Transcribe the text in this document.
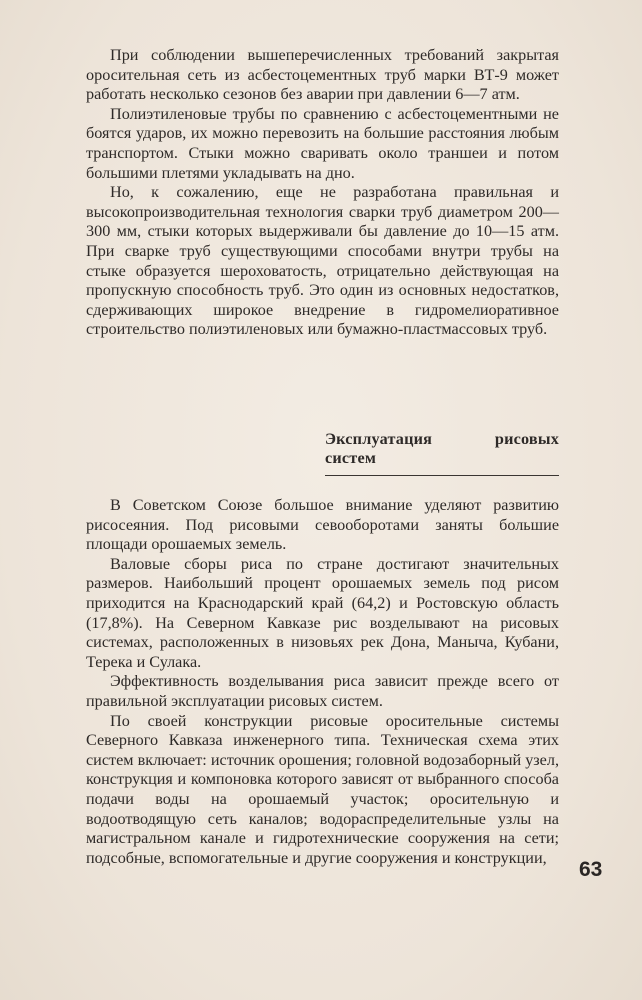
При соблюдении вышеперечисленных требований закрытая оросительная сеть из асбестоцементных труб марки ВТ-9 может работать несколько сезонов без аварии при давлении 6—7 атм.

Полиэтиленовые трубы по сравнению с асбестоцементными не боятся ударов, их можно перевозить на большие расстояния любым транспортом. Стыки можно сваривать около траншеи и потом большими плетями укладывать на дно.

Но, к сожалению, еще не разработана правильная и высокопроизводительная технология сварки труб диаметром 200—300 мм, стыки которых выдерживали бы давление до 10—15 атм. При сварке труб существующими способами внутри трубы на стыке образуется шероховатость, отрицательно действующая на пропускную способность труб. Это один из основных недостатков, сдерживающих широкое внедрение в гидромелиоративное строительство полиэтиленовых или бумажно-пластмассовых труб.

Эксплуатация	рисовых
систем

В Советском Союзе большое внимание уделяют развитию рисосеяния. Под рисовыми севооборотами заняты большие площади орошаемых земель.

Валовые сборы риса по стране достигают значительных размеров. Наибольший процент орошаемых земель под рисом приходится на Краснодарский край (64,2) и Ростовскую область (17,8%). На Северном Кавказе рис возделывают на рисовых системах, расположенных в низовьях рек Дона, Маныча, Кубани, Терека и Сулака.

Эффективность возделывания риса зависит прежде всего от правильной эксплуатации рисовых систем.

По своей конструкции рисовые оросительные системы Северного Кавказа инженерного типа. Техническая схема этих систем включает: источник орошения; головной водозаборный узел, конструкция и компоновка которого зависят от выбранного способа подачи воды на орошаемый участок; оросительную и водоотводящую сеть каналов; водораспределительные узлы на магистральном канале и гидротехнические сооружения на сети; подсобные, вспомогательные и другие сооружения и конструкции,

63
